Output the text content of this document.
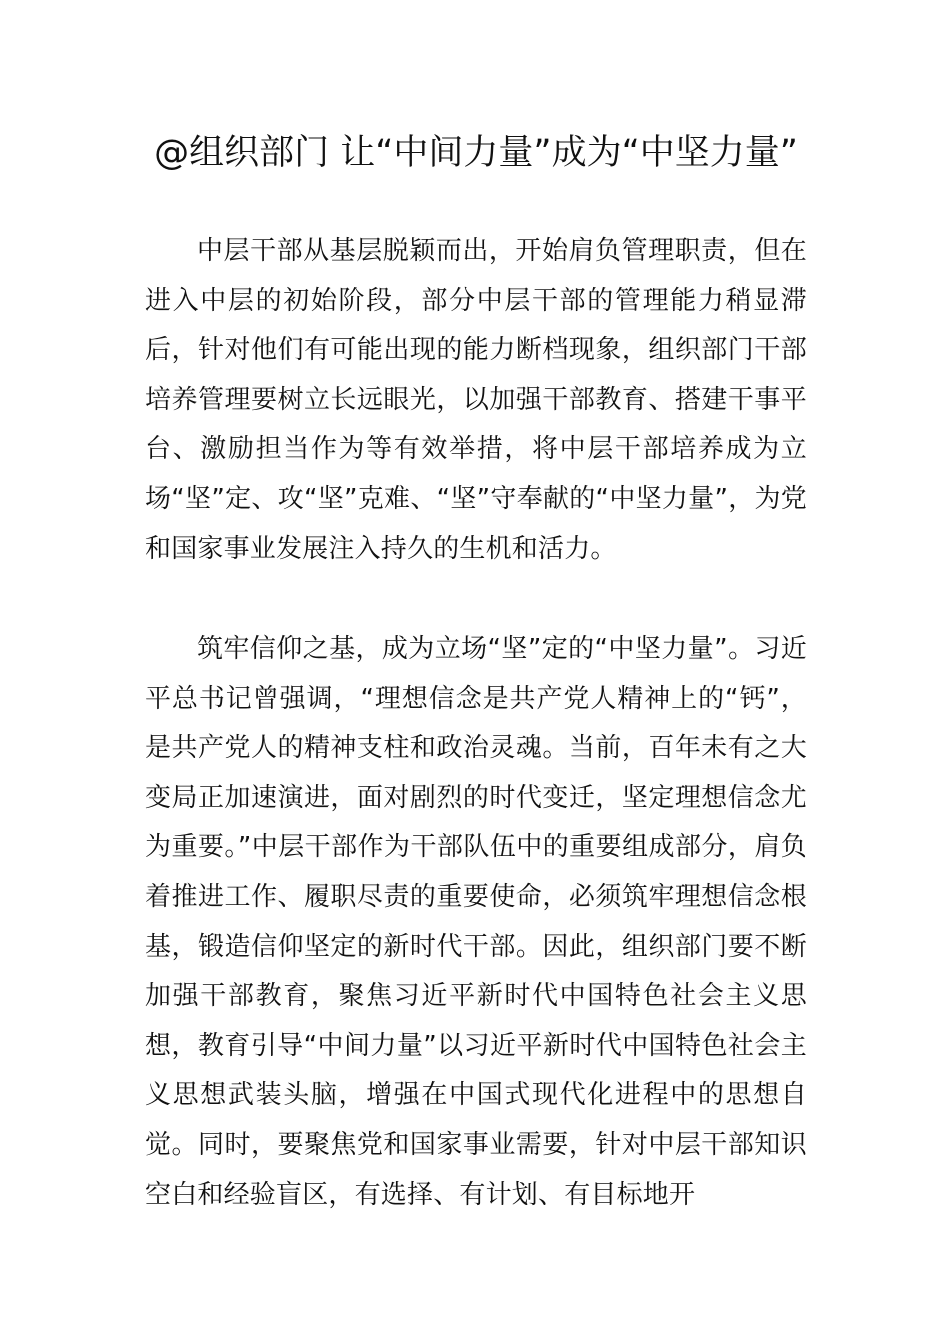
@组织部门 让“中间力量”成为“中坚力量”

中层干部从基层脱颖而出，开始肩负管理职责，但在进入中层的初始阶段，部分中层干部的管理能力稍显滞后，针对他们有可能出现的能力断档现象，组织部门干部培养管理要树立长远眼光，以加强干部教育、搭建干事平台、激励担当作为等有效举措，将中层干部培养成为立场“坚”定、攻“坚”克难、“坚”守奉献的“中坚力量”，为党和国家事业发展注入持久的生机和活力。

筑牢信仰之基，成为立场“坚”定的“中坚力量”。习近平总书记曾强调，“理想信念是共产党人精神上的“钙”，是共产党人的精神支柱和政治灵魂。当前，百年未有之大变局正加速演进，面对剧烈的时代变迁，坚定理想信念尤为重要。”中层干部作为干部队伍中的重要组成部分，肩负着推进工作、履职尽责的重要使命，必须筑牢理想信念根基，锻造信仰坚定的新时代干部。因此，组织部门要不断加强干部教育，聚焦习近平新时代中国特色社会主义思想，教育引导“中间力量”以习近平新时代中国特色社会主义思想武装头脑，增强在中国式现代化进程中的思想自觉。同时，要聚焦党和国家事业需要，针对中层干部知识空白和经验盲区，有选择、有计划、有目标地开
